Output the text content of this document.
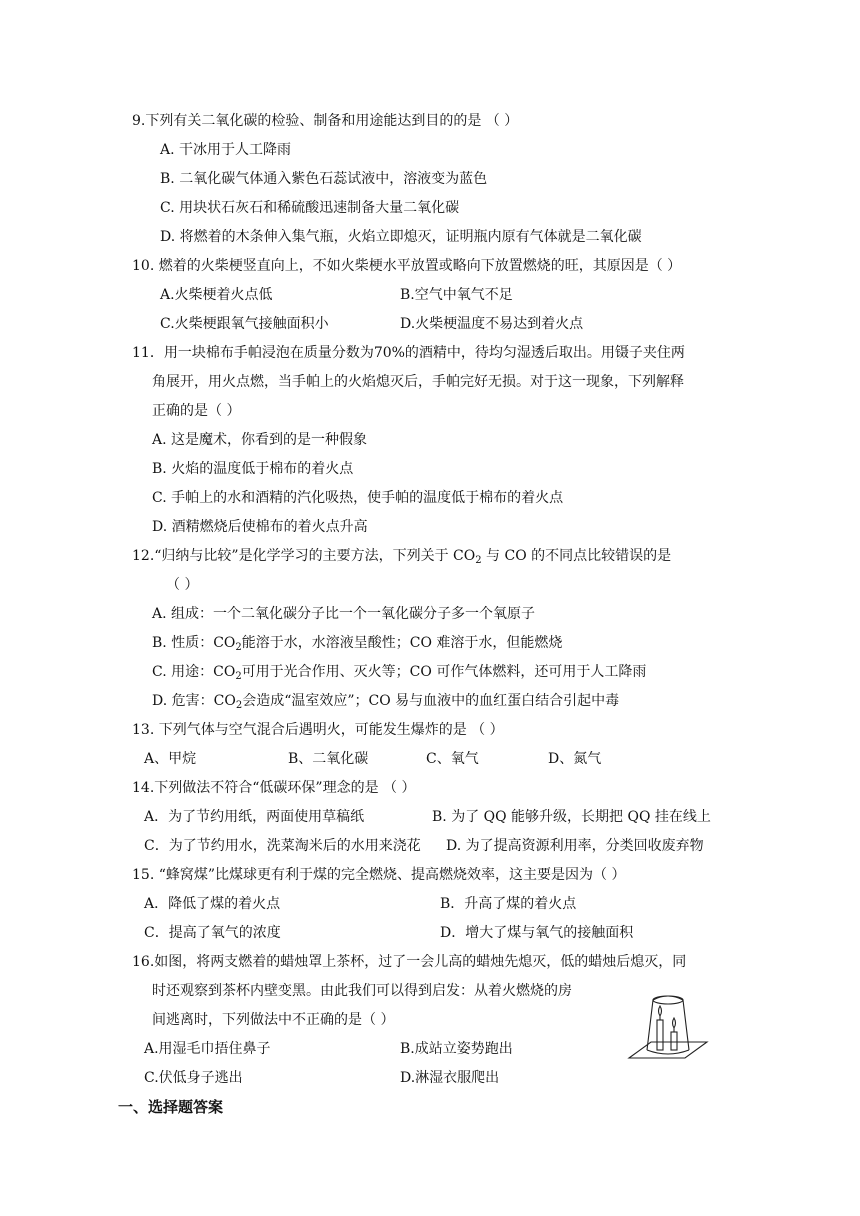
9.下列有关二氧化碳的检验、制备和用途能达到目的的是 （ ）
A. 干冰用于人工降雨
B. 二氧化碳气体通入紫色石蕊试液中，溶液变为蓝色
C. 用块状石灰石和稀硫酸迅速制备大量二氧化碳
D. 将燃着的木条伸入集气瓶，火焰立即熄灭，证明瓶内原有气体就是二氧化碳
10. 燃着的火柴梗竖直向上，不如火柴梗水平放置或略向下放置燃烧的旺，其原因是（ ）
A.火柴梗着火点低	B.空气中氧气不足
C.火柴梗跟氧气接触面积小	D.火柴梗温度不易达到着火点
11．用一块棉布手帕浸泡在质量分数为70%的酒精中，待均匀湿透后取出。用镊子夹住两
角展开，用火点燃，当手帕上的火焰熄灭后，手帕完好无损。对于这一现象，下列解释
正确的是（ ）
A. 这是魔术，你看到的是一种假象
B. 火焰的温度低于棉布的着火点
C. 手帕上的水和酒精的汽化吸热，使手帕的温度低于棉布的着火点
D. 酒精燃烧后使棉布的着火点升高
12.“归纳与比较”是化学学习的主要方法，下列关于 $CO_2$ 与 CO 的不同点比较错误的是
（ ）
A. 组成：一个二氧化碳分子比一个一氧化碳分子多一个氧原子
B. 性质：$CO_2$能溶于水，水溶液呈酸性；CO 难溶于水，但能燃烧
C. 用途：$CO_2$可用于光合作用、灭火等；CO 可作气体燃料，还可用于人工降雨
D. 危害：$CO_2$会造成“温室效应”；CO 易与血液中的血红蛋白结合引起中毒
13. 下列气体与空气混合后遇明火，可能发生爆炸的是 （ ）
A、甲烷	B、二氧化碳	C、氧气	D、氮气
14.下列做法不符合“低碳环保”理念的是 （ ）
A．为了节约用纸，两面使用草稿纸	B. 为了 QQ 能够升级，长期把 QQ 挂在线上
C．为了节约用水，洗菜淘米后的水用来浇花 D. 为了提高资源利用率，分类回收废弃物
15. “蜂窝煤”比煤球更有利于煤的完全燃烧、提高燃烧效率，这主要是因为（ ）
A．降低了煤的着火点	B．升高了煤的着火点
C．提高了氧气的浓度	D．增大了煤与氧气的接触面积
16.如图，将两支燃着的蜡烛罩上茶杯，过了一会儿高的蜡烛先熄灭，低的蜡烛后熄灭，同
时还观察到茶杯内壁变黑。由此我们可以得到启发：从着火燃烧的房
间逃离时，下列做法中不正确的是（ ）
A.用湿毛巾捂住鼻子	B.成站立姿势跑出
C.伏低身子逃出	D.淋湿衣服爬出
一、选择题答案
